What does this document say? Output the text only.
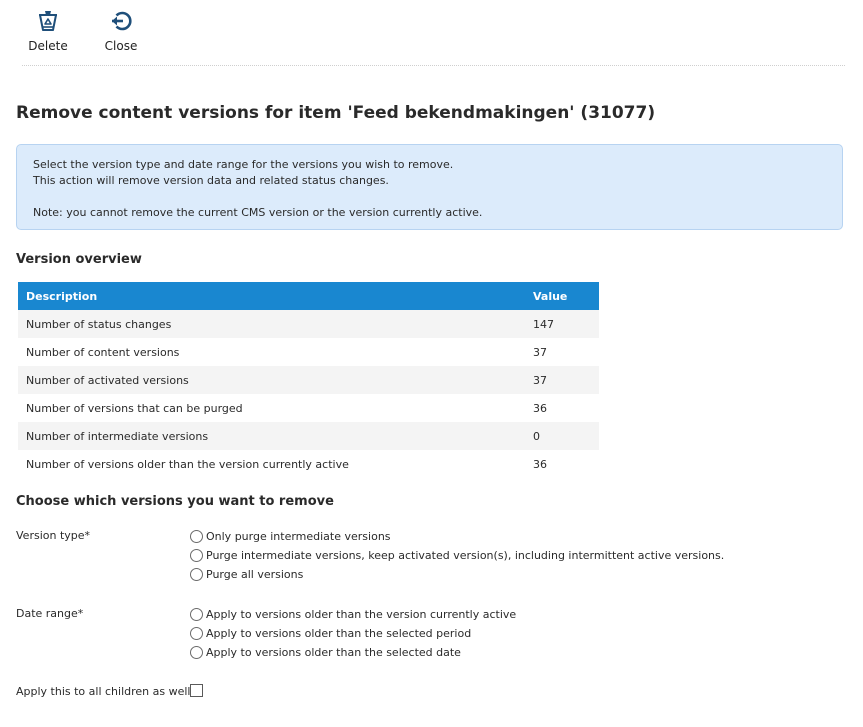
Delete	Close
Remove content versions for item 'Feed bekendmakingen' (31077)

Select the version type and date range for the versions you wish to remove.

This action will remove version data and related status changes.

Note: you cannot remove the current CMS version or the version currently active.

Version overview
Description	Value
Number of status changes	147
Number of content versions	37
Number of activated versions	37
Number of versions that can be purged	36
Number of intermediate versions	0
Number of versions older than the version currently active	36
Choose which versions you want to remove
Version type*	Only purge intermediate versions
Purge intermediate versions, keep activated version(s), including intermittent active versions.
Purge all versions
Date range*	Apply to versions older than the version currently active
Apply to versions older than the selected period
Apply to versions older than the selected date
Apply this to all children as well
